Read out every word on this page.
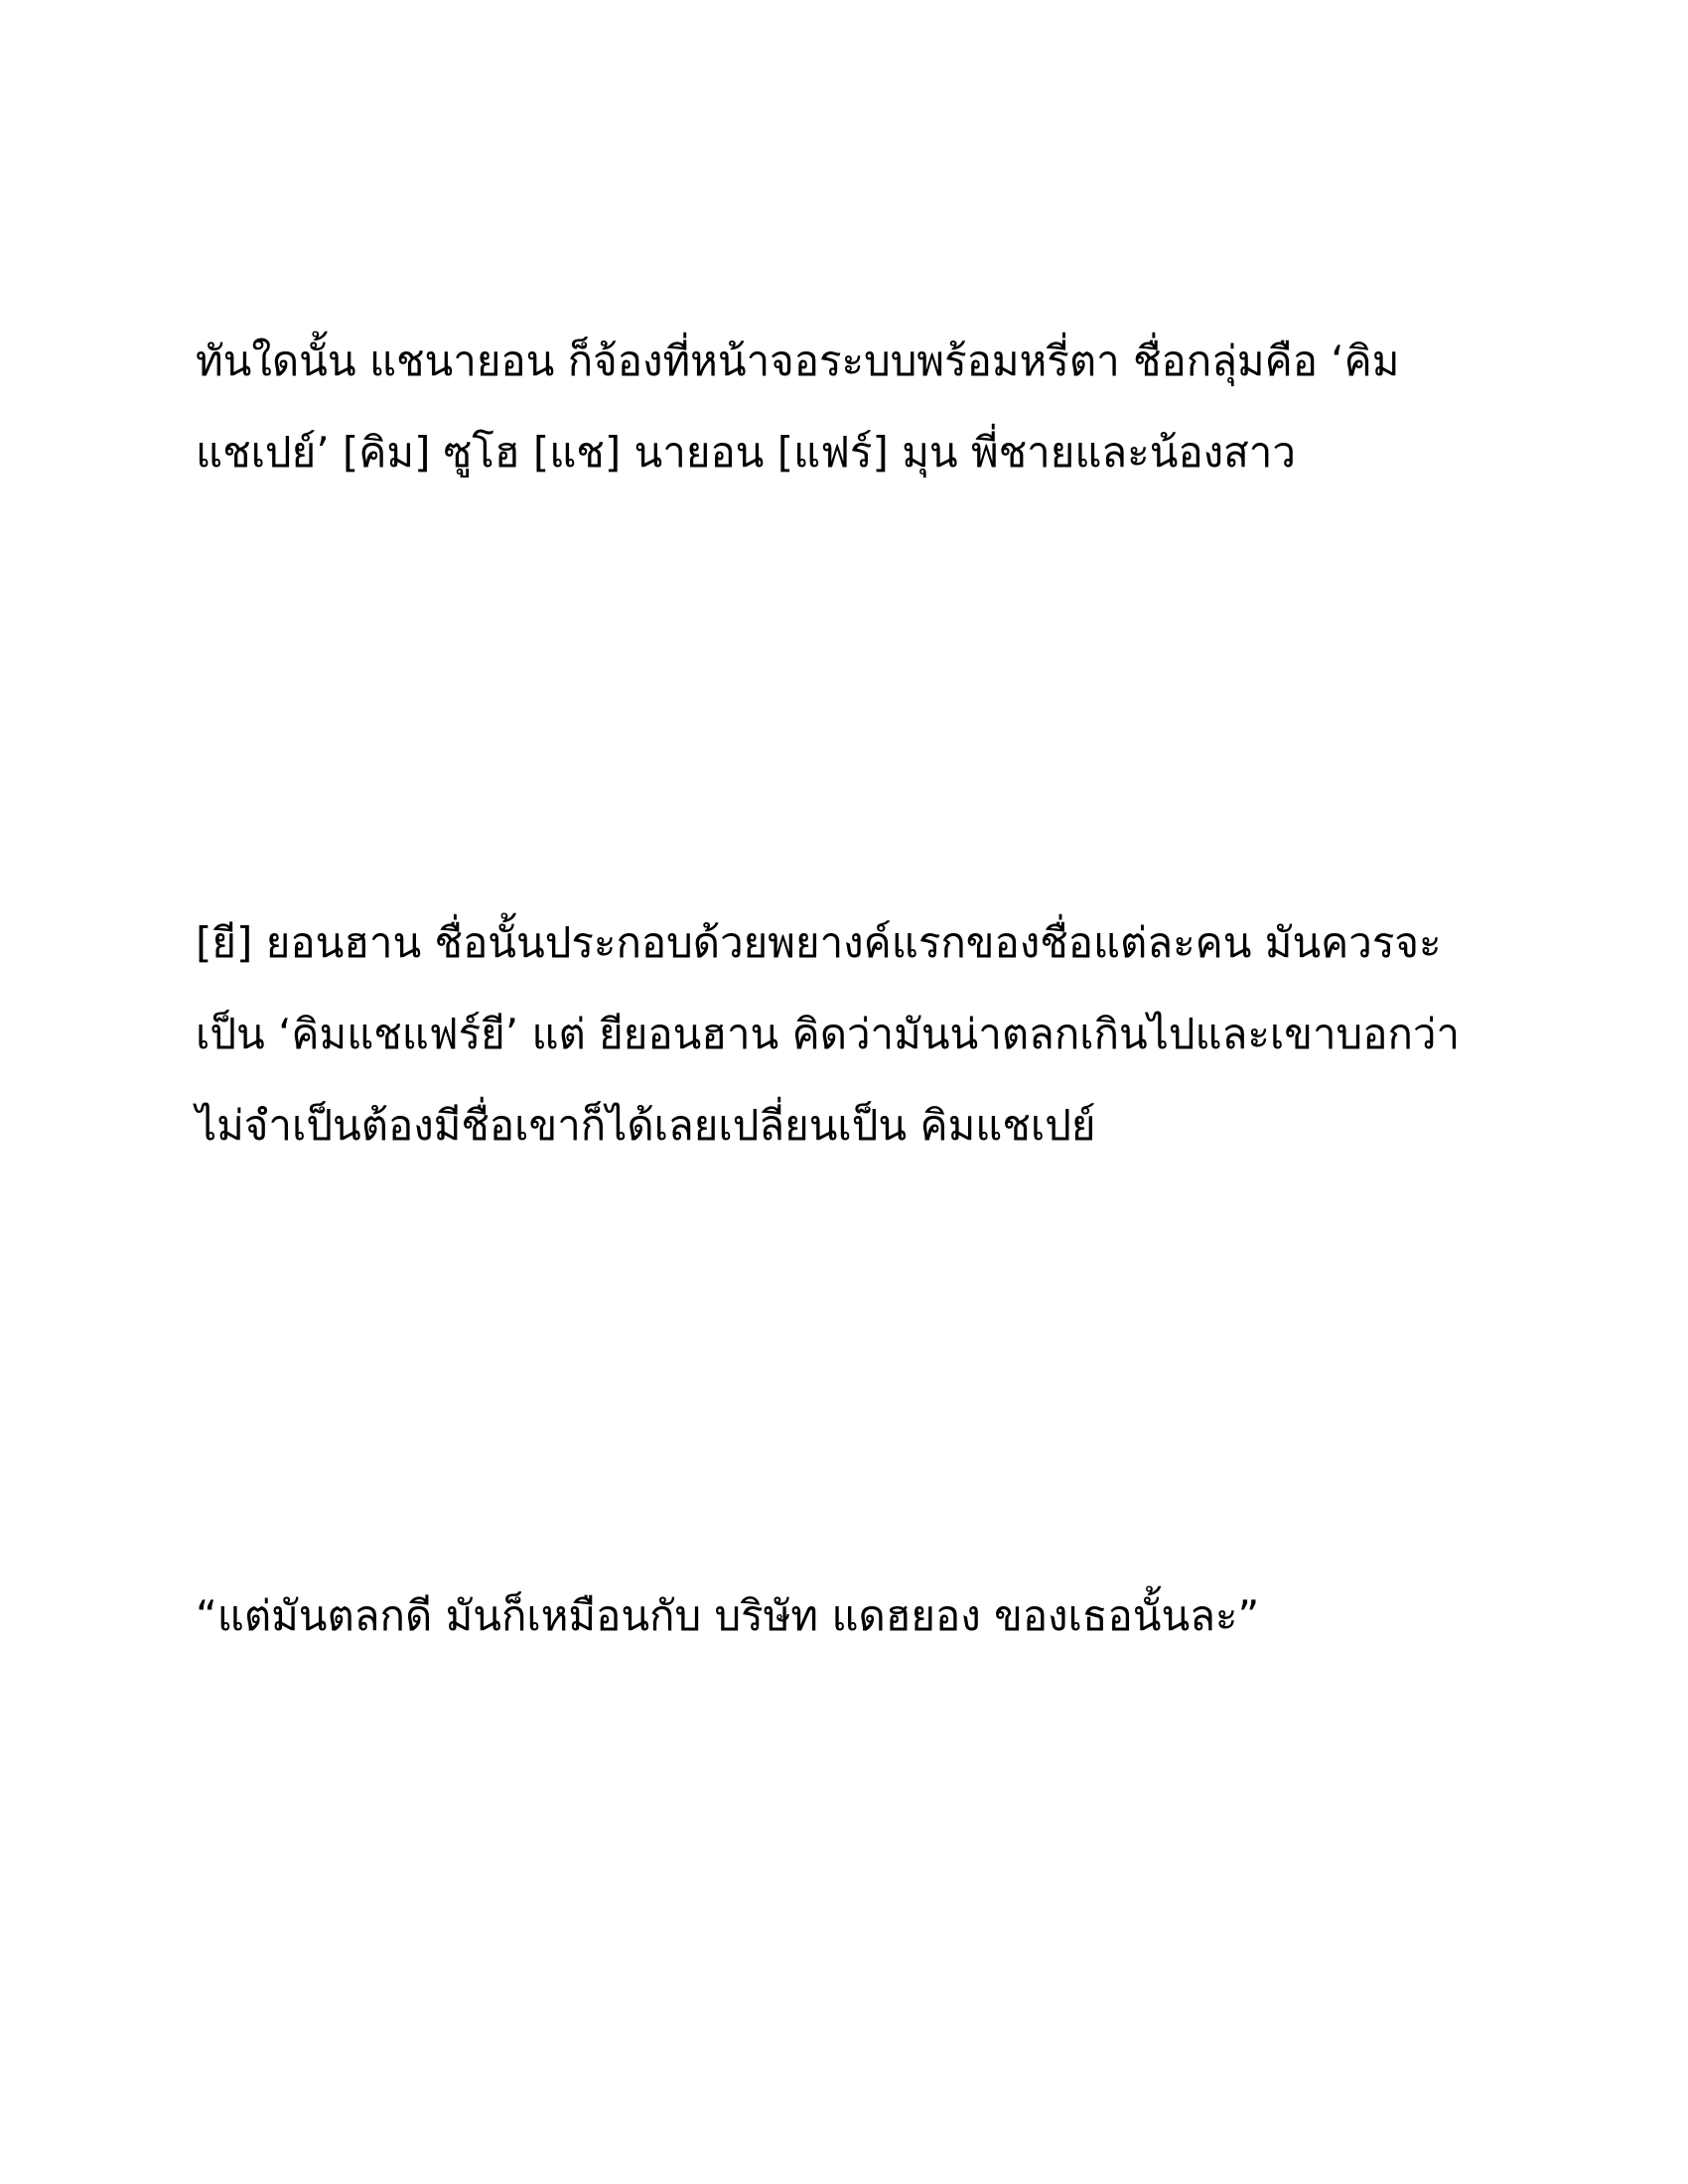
ทันใดนั้น แชนายอน ก็จ้องที่หน้าจอระบบพร้อมหรี่ตา ชื่อกลุ่มคือ ‘คิม
แชเปย์’ [คิม] ซูโฮ [แช] นายอน [แฟร์] มุน พี่ชายและน้องสาว

[ยี] ยอนฮาน ชื่อนั้นประกอบด้วยพยางค์แรกของชื่อแต่ละคน มันควรจะ
เป็น ‘คิมแชแฟร์ยี’ แต่ ยียอนฮาน คิดว่ามันน่าตลกเกินไปและเขาบอกว่า
ไม่จำเป็นต้องมีชื่อเขาก็ได้เลยเปลี่ยนเป็น คิมแชเปย์

“แต่มันตลกดี มันก็เหมือนกับ บริษัท แดฮยอง ของเธอนั้นละ”
